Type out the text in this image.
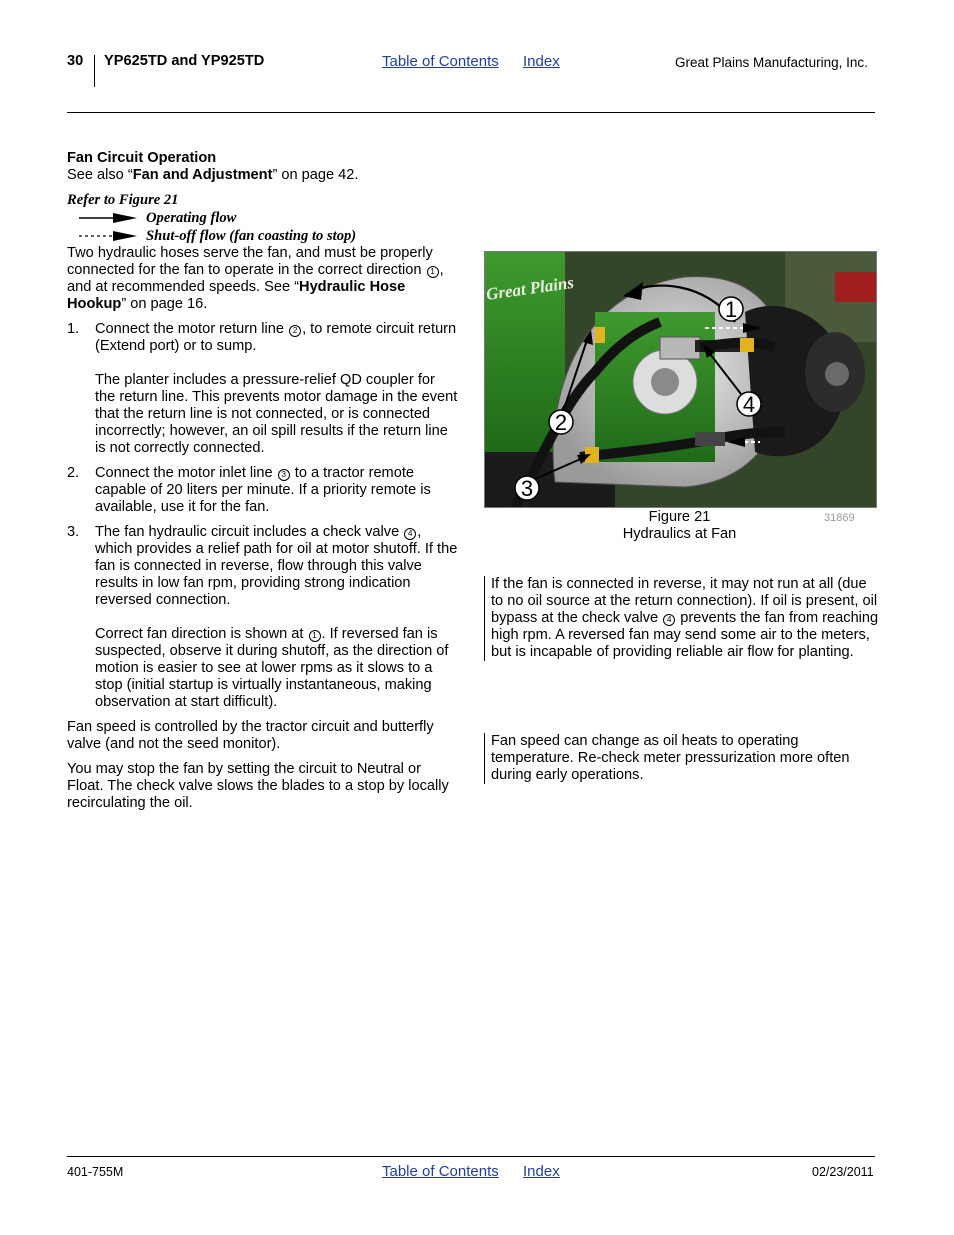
30 YP625TD and YP925TD	Table of Contents Index	Great Plains Manufacturing, Inc.

Fan Circuit Operation

See also “Fan and Adjustment” on page 42.

Refer to Figure 21
Operating flow
Shut-off flow (fan coasting to stop)

Two hydraulic hoses serve the fan, and must be properly connected for the fan to operate in the correct direction 1 , and at recommended speeds. See “Hydraulic Hose Hookup” on page 16.

1. Connect the motor return line 2 , to remote circuit return (Extend port) or to sump.
The planter includes a pressure-relief QD coupler for the return line. This prevents motor damage in the event that the return line is not connected, or is connected incorrectly; however, an oil spill results if the return line is not correctly connected.
2. Connect the motor inlet line 3 to a tractor remote capable of 20 liters per minute. If a priority remote is available, use it for the fan.
3. The fan hydraulic circuit includes a check valve 4 , which provides a relief path for oil at motor shutoff. If the fan is connected in reverse, flow through this valve results in low fan rpm, providing strong indication reversed connection.
Correct fan direction is shown at 1 . If reversed fan is suspected, observe it during shutoff, as the direction of motion is easier to see at lower rpms as it slows to a stop (initial startup is virtually instantaneous, making observation at start difficult).

Fan speed is controlled by the tractor circuit and butterfly valve (and not the seed monitor).

You may stop the fan by setting the circuit to Neutral or Float. The check valve slows the blades to a stop by locally recirculating the oil.

Great Plains
1
2
3
4
Figure 21
Hydraulics at Fan
31869
If the fan is connected in reverse, it may not run at all (due to no oil source at the return connection). If oil is present, oil bypass at the check valve 4 prevents the fan from reaching high rpm. A reversed fan may send some air to the meters, but is incapable of providing reliable air flow for planting.
Fan speed can change as oil heats to operating temperature. Re-check meter pressurization more often during early operations.
401-755M	Table of Contents Index	02/23/2011
